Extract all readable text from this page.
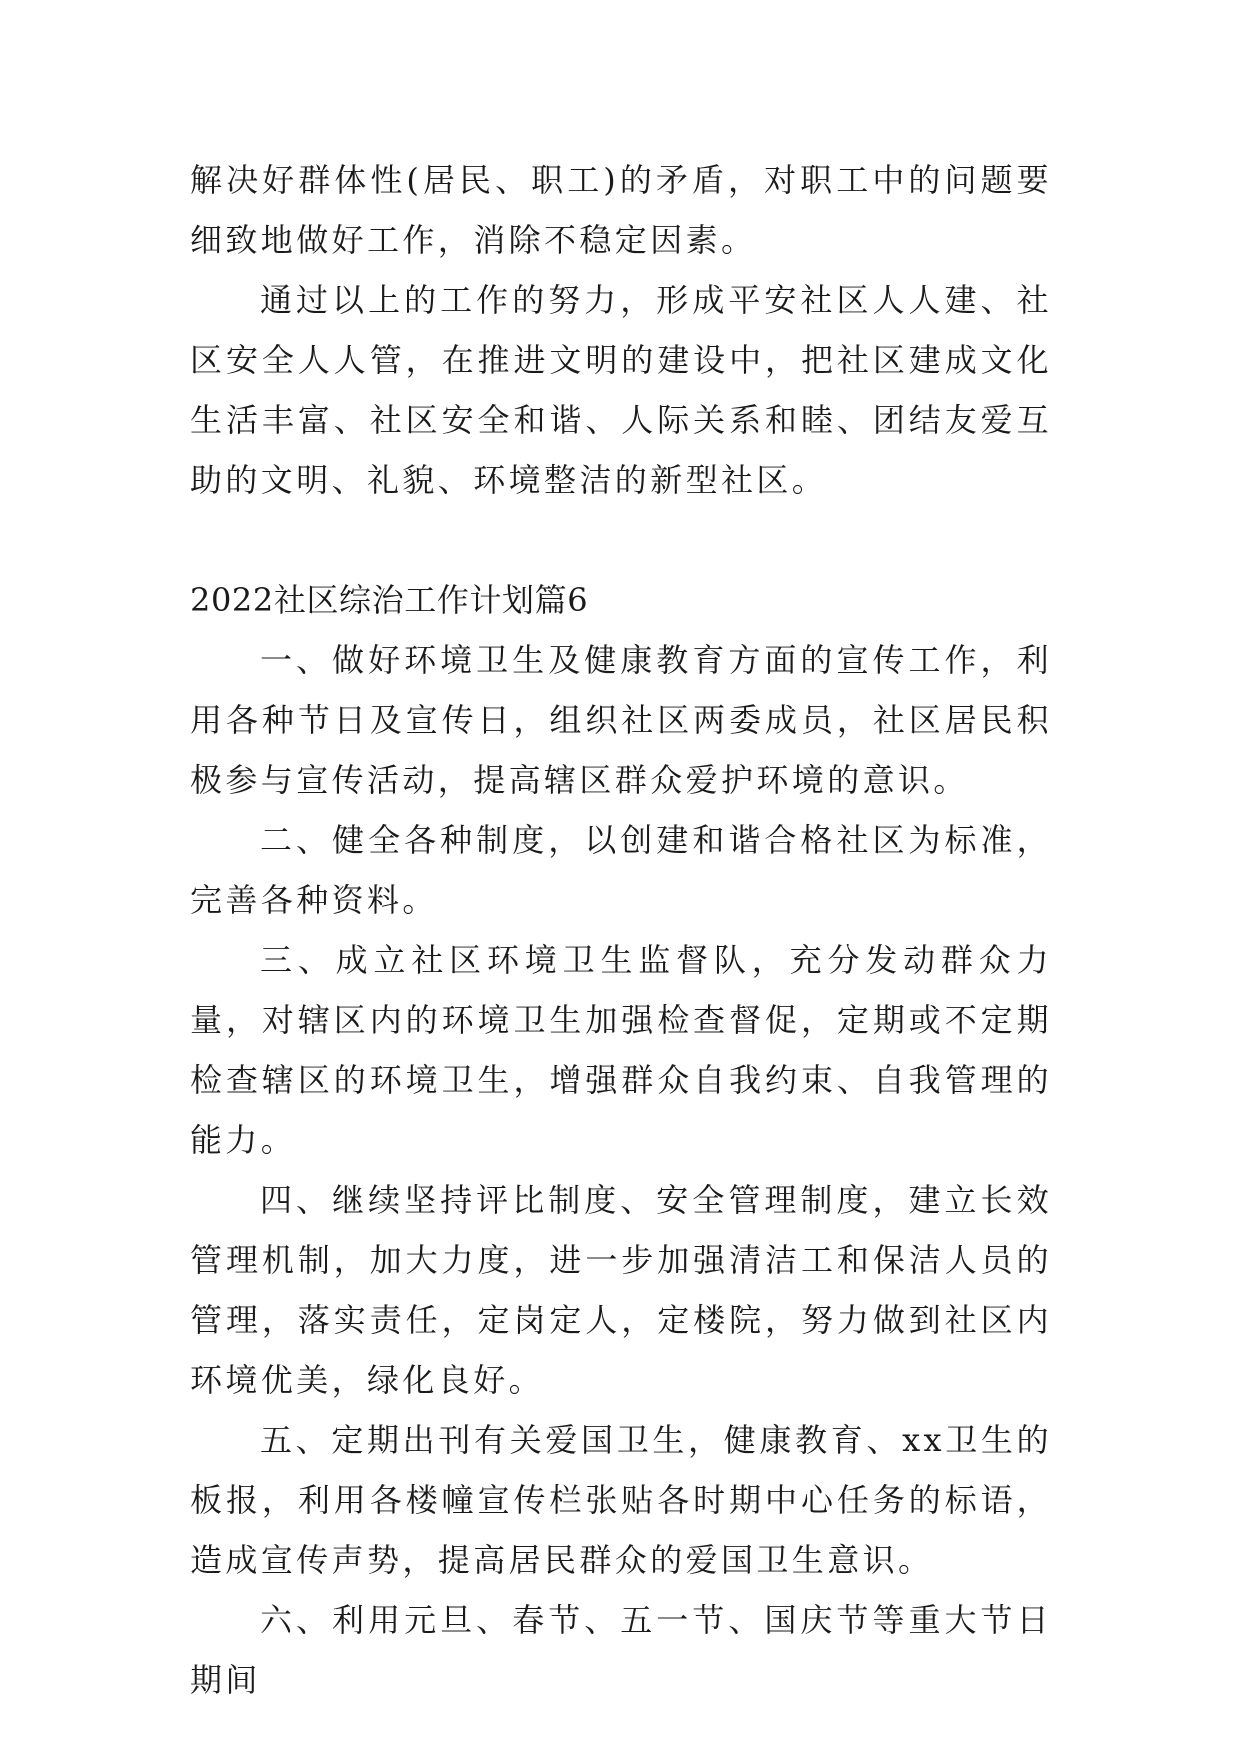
解决好群体性(居民、职工)的矛盾，对职工中的问题要细致地做好工作，消除不稳定因素。

通过以上的工作的努力，形成平安社区人人建、社区安全人人管，在推进文明的建设中，把社区建成文化生活丰富、社区安全和谐、人际关系和睦、团结友爱互助的文明、礼貌、环境整洁的新型社区。

2022社区综治工作计划篇6

一、做好环境卫生及健康教育方面的宣传工作，利用各种节日及宣传日，组织社区两委成员，社区居民积极参与宣传活动，提高辖区群众爱护环境的意识。

二、健全各种制度，以创建和谐合格社区为标准，完善各种资料。

三、成立社区环境卫生监督队，充分发动群众力量，对辖区内的环境卫生加强检查督促，定期或不定期检查辖区的环境卫生，增强群众自我约束、自我管理的能力。

四、继续坚持评比制度、安全管理制度，建立长效管理机制，加大力度，进一步加强清洁工和保洁人员的管理，落实责任，定岗定人，定楼院，努力做到社区内环境优美，绿化良好。

五、定期出刊有关爱国卫生，健康教育、xx卫生的板报，利用各楼幢宣传栏张贴各时期中心任务的标语，造成宣传声势，提高居民群众的爱国卫生意识。

六、利用元旦、春节、五一节、国庆节等重大节日期间
